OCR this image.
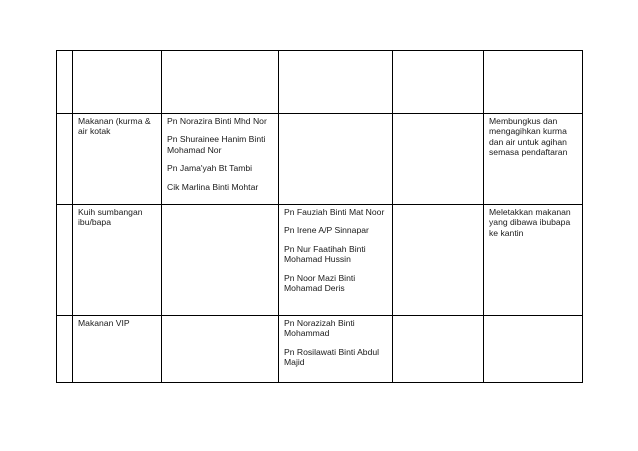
	Makanan (kurma & air kotak	Pn Norazira Binti Mhd Nor
Pn Shurainee Hanim Binti Mohamad Nor
Pn Jama'yah Bt Tambi
Cik Marlina Binti Mohtar			Membungkus dan mengagihkan kurma dan air untuk agihan semasa pendaftaran
	Kuih sumbangan ibu/bapa		Pn Fauziah Binti Mat Noor
Pn Irene A/P Sinnapar
Pn Nur Faatihah Binti Mohamad Hussin
Pn Noor Mazi Binti Mohamad Deris		Meletakkan makanan yang dibawa ibubapa ke kantin
	Makanan VIP		Pn Norazizah Binti Mohammad
Pn Rosilawati Binti Abdul Majid		
